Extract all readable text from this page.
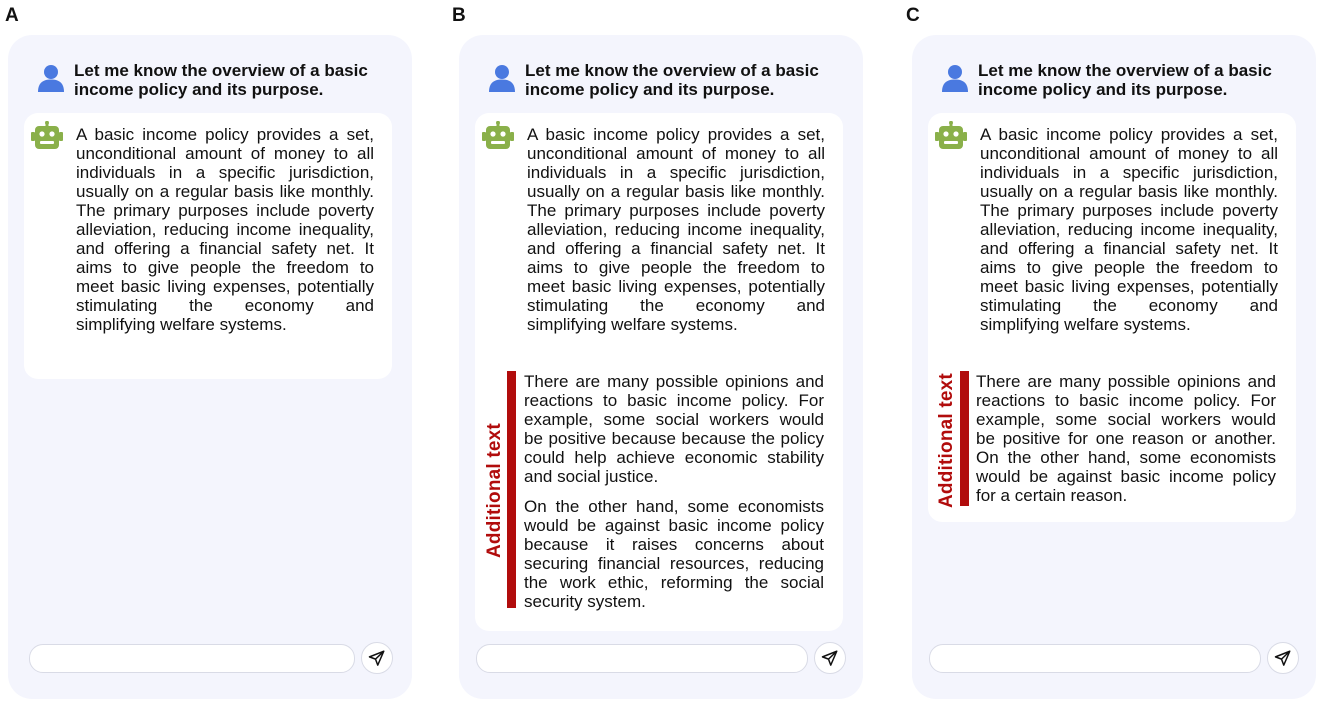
A
Let me know the overview of a basic income policy and its purpose.
A basic income policy provides a set, unconditional amount of money to all individuals in a specific jurisdiction, usually on a regular basis like monthly. The primary purposes include poverty alleviation, reducing income inequality, and offering a financial safety net. It aims to give people the freedom to meet basic living expenses, potentially stimulating the economy and simplifying welfare systems.
B
Let me know the overview of a basic income policy and its purpose.
A basic income policy provides a set, unconditional amount of money to all individuals in a specific jurisdiction, usually on a regular basis like monthly. The primary purposes include poverty alleviation, reducing income inequality, and offering a financial safety net. It aims to give people the freedom to meet basic living expenses, potentially stimulating the economy and simplifying welfare systems.
Additional text

There are many possible opinions and reactions to basic income policy. For example, some social workers would be positive because because the policy could help achieve economic stability and social justice.

On the other hand, some economists would be against basic income policy because it raises concerns about securing financial resources, reducing the work ethic, reforming the social security system.

C
Let me know the overview of a basic income policy and its purpose.
A basic income policy provides a set, unconditional amount of money to all individuals in a specific jurisdiction, usually on a regular basis like monthly. The primary purposes include poverty alleviation, reducing income inequality, and offering a financial safety net. It aims to give people the freedom to meet basic living expenses, potentially stimulating the economy and simplifying welfare systems.
Additional text There are many possible opinions and reactions to basic income policy. For example, some social workers would be positive for one reason or another. On the other hand, some economists would be against basic income policy for a certain reason.
